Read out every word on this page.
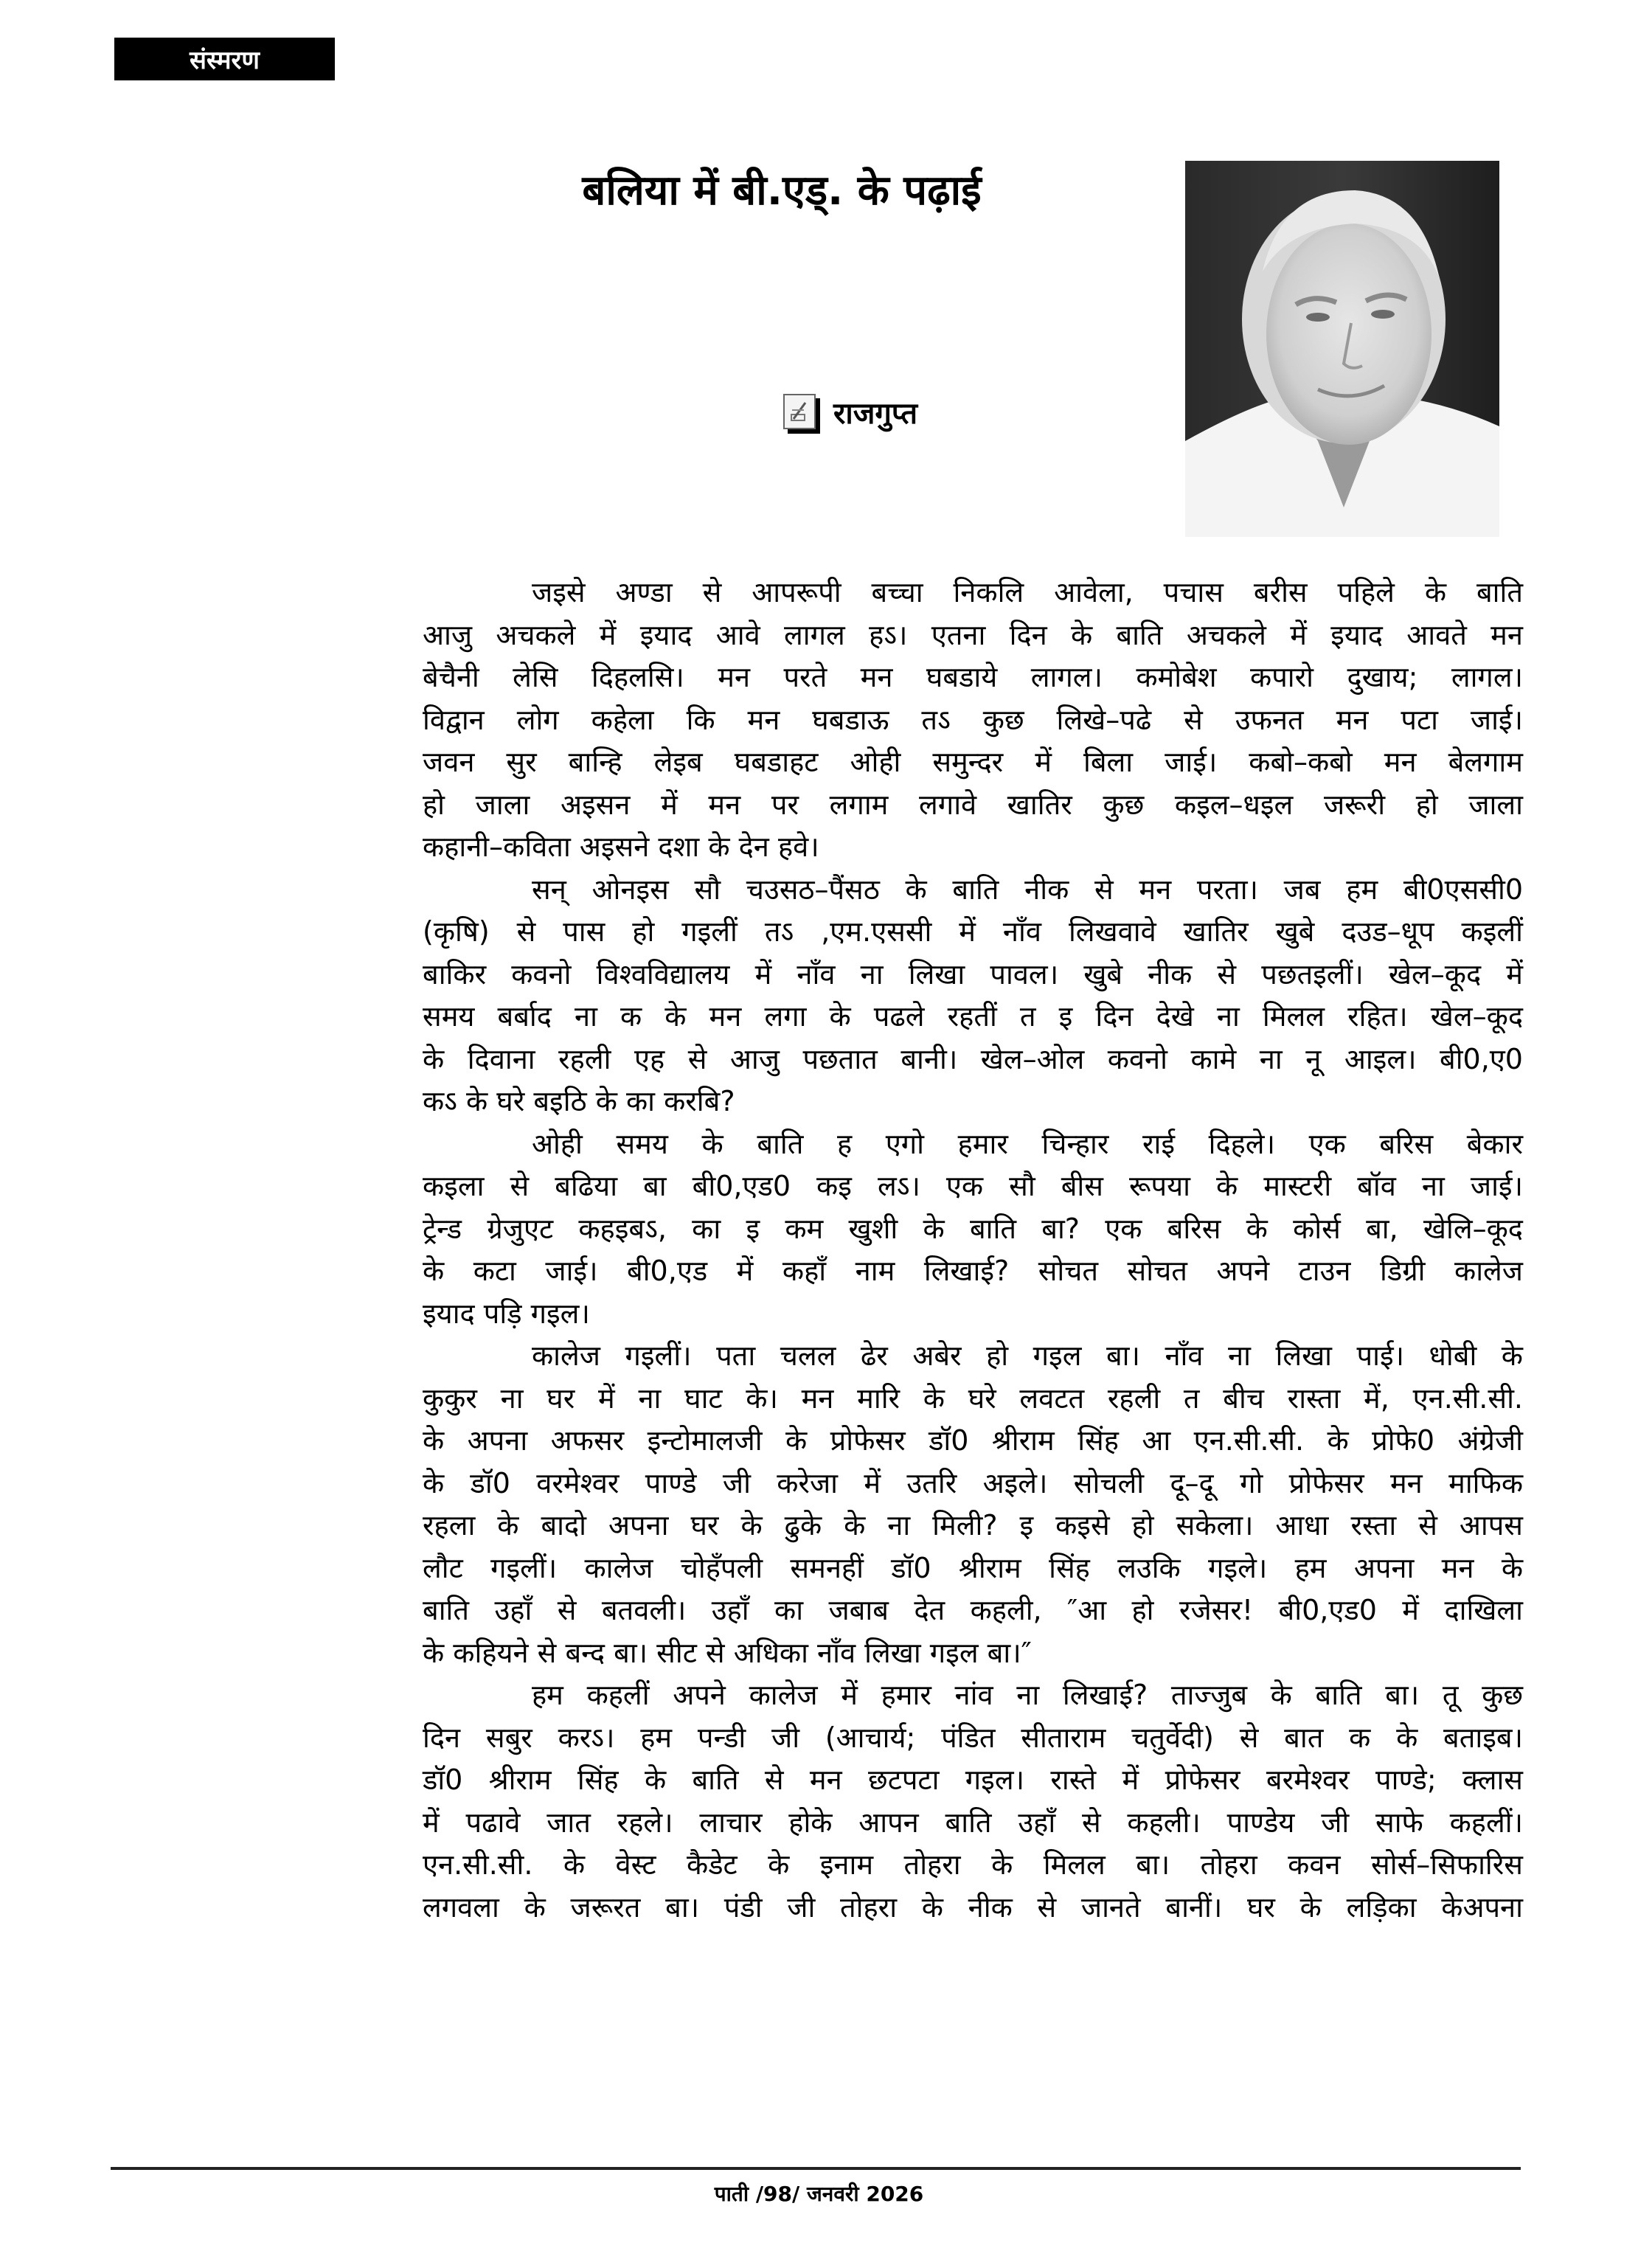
संस्मरण
बलिया में बी.एड्. के पढ़ाई
राजगुप्त
जइसे अण्डा से आपरूपी बच्चा निकलि आवेला, पचास बरीस पहिले के बाति
आजु अचकले में इयाद आवे लागल हऽ। एतना दिन के बाति अचकले में इयाद आवते मन
बेचैनी लेसि दिहलसि। मन परते मन घबडाये लागल। कमोबेश कपारो दुखाय; लागल।
विद्वान लोग कहेला कि मन घबडाऊ तऽ कुछ लिखे–पढे से उफनत मन पटा जाई।
जवन सुर बान्हि लेइब घबडाहट ओही समुन्दर में बिला जाई। कबो–कबो मन बेलगाम
हो जाला अइसन में मन पर लगाम लगावे खातिर कुछ कइल–धइल जरूरी हो जाला
कहानी–कविता अइसने दशा के देन हवे।
सन् ओनइस सौ चउसठ–पैंसठ के बाति नीक से मन परता। जब हम बी0एससी0
(कृषि) से पास हो गइलीं तऽ ,एम.एससी में नाँव लिखवावे खातिर खुबे दउड–धूप कइलीं
बाकिर कवनो विश्वविद्यालय में नाँव ना लिखा पावल। खुबे नीक से पछतइलीं। खेल–कूद में
समय बर्बाद ना क के मन लगा के पढले रहतीं त इ दिन देखे ना मिलल रहित। खेल–कूद
के दिवाना रहली एह से आजु पछतात बानी। खेल–ओल कवनो कामे ना नू आइल। बी0,ए0
कऽ के घरे बइठि के का करबि?
ओही समय के बाति ह एगो हमार चिन्हार राई दिहले। एक बरिस बेकार
कइला से बढिया बा बी0,एड0 कइ लऽ। एक सौ बीस रूपया के मास्टरी बॉव ना जाई।
ट्रेन्ड ग्रेजुएट कहइबऽ, का इ कम खुशी के बाति बा? एक बरिस के कोर्स बा, खेलि–कूद
के कटा जाई। बी0,एड में कहाँ नाम लिखाई? सोचत सोचत अपने टाउन डिग्री कालेज
इयाद पड़ि गइल।
कालेज गइलीं। पता चलल ढेर अबेर हो गइल बा। नाँव ना लिखा पाई। धोबी के
कुकुर ना घर में ना घाट के। मन मारि के घरे लवटत रहली त बीच रास्ता में, एन.सी.सी.
के अपना अफसर इन्टोमालजी के प्रोफेसर डॉ0 श्रीराम सिंह आ एन.सी.सी. के प्रोफे0 अंग्रेजी
के डॉ0 वरमेश्वर पाण्डे जी करेजा में उतरि अइले। सोचली दू–दू गो प्रोफेसर मन माफिक
रहला के बादो अपना घर के ढुके के ना मिली? इ कइसे हो सकेला। आधा रस्ता से आपस
लौट गइलीं। कालेज चोहँपली समनहीं डॉ0 श्रीराम सिंह लउकि गइले। हम अपना मन के
बाति उहाँ से बतवली। उहाँ का जबाब देत कहली, ″आ हो रजेसर! बी0,एड0 में दाखिला
के कहियने से बन्द बा। सीट से अधिका नाँव लिखा गइल बा।″
हम कहलीं अपने कालेज में हमार नांव ना लिखाई? ताज्जुब के बाति बा। तू कुछ
दिन सबुर करऽ। हम पन्डी जी (आचार्य; पंडित सीताराम चतुर्वेदी) से बात क के बताइब।
डॉ0 श्रीराम सिंह के बाति से मन छटपटा गइल। रास्ते में प्रोफेसर बरमेश्वर पाण्डे; क्लास
में पढावे जात रहले। लाचार होके आपन बाति उहाँ से कहली। पाण्डेय जी साफे कहलीं।
एन.सी.सी. के वेस्ट कैडेट के इनाम तोहरा के मिलल बा। तोहरा कवन सोर्स–सिफारिस
लगवला के जरूरत बा। पंडी जी तोहरा के नीक से जानते बानीं। घर के लड़िका केअपना
पाती /98/ जनवरी 2026
